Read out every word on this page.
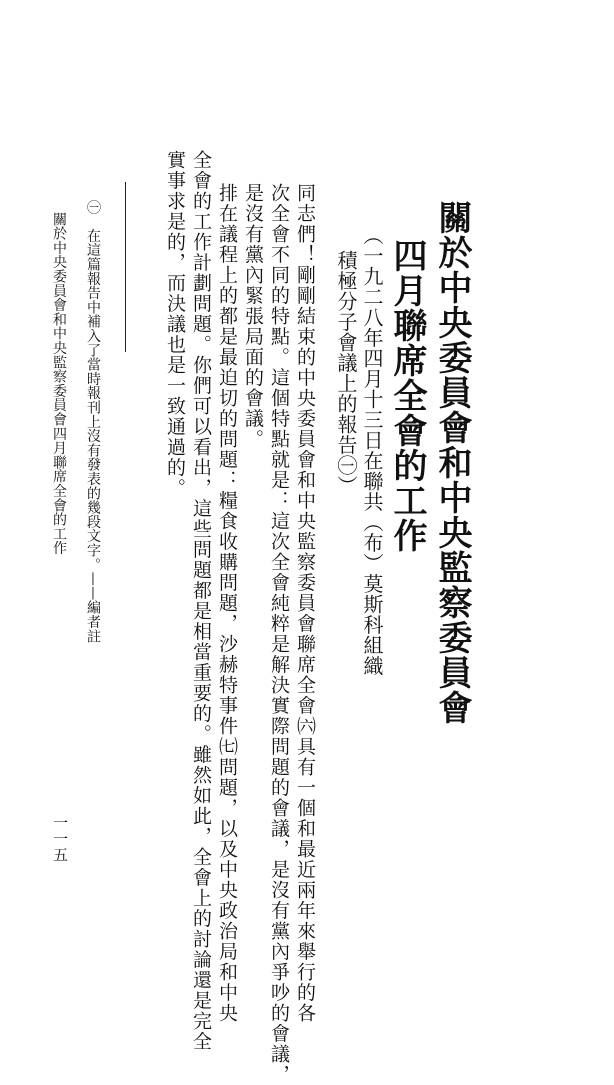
關於中央委員會和中央監察委員會
四月聯席全會的工作
（一九二八年四月十三日在聯共（布）莫斯科組織
積極分子會議上的報告㊀）
同志們！剛剛結束的中央委員會和中央監察委員會聯席全會㈥具有一個和最近兩年來舉行的各
次全會不同的特點。這個特點就是：這次全會純粹是解決實際問題的會議，是沒有黨內爭吵的會議，
是沒有黨內緊張局面的會議。
排在議程上的都是最迫切的問題：糧食收購問題，沙赫特事件㈦問題，以及中央政治局和中央
全會的工作計劃問題。你們可以看出，這些問題都是相當重要的。雖然如此，全會上的討論還是完全
實事求是的，而決議也是一致通過的。
㊀　在這篇報告中補入了當時報刊上沒有發表的幾段文字。——編者註
關於中央委員會和中央監察委員會四月聯席全會的工作
一一五
